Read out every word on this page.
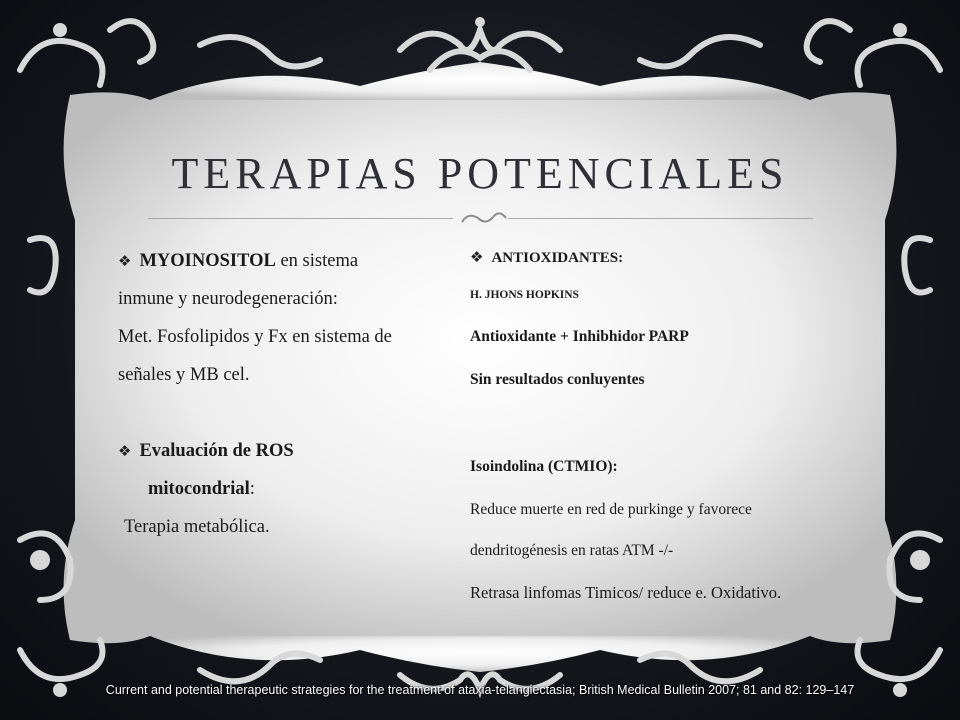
TERAPIAS POTENCIALES
❖ MYOINOSITOL en sistema
inmune y neurodegeneración:
Met. Fosfolipidos y Fx en sistema de
señales y MB cel.
❖ Evaluación de ROS
mitocondrial:
Terapia metabólica.
❖ ANTIOXIDANTES:
H. JHONS HOPKINS
Antioxidante + Inhibhidor PARP
Sin resultados conluyentes
Isoindolina (CTMIO):
Reduce muerte en red de purkinge y favorece
dendritogénesis en ratas ATM -/-
Retrasa linfomas Timicos/ reduce e. Oxidativo.
Current and potential therapeutic strategies for the treatment of ataxia-telangiectasia; British Medical Bulletin 2007; 81 and 82: 129–147
